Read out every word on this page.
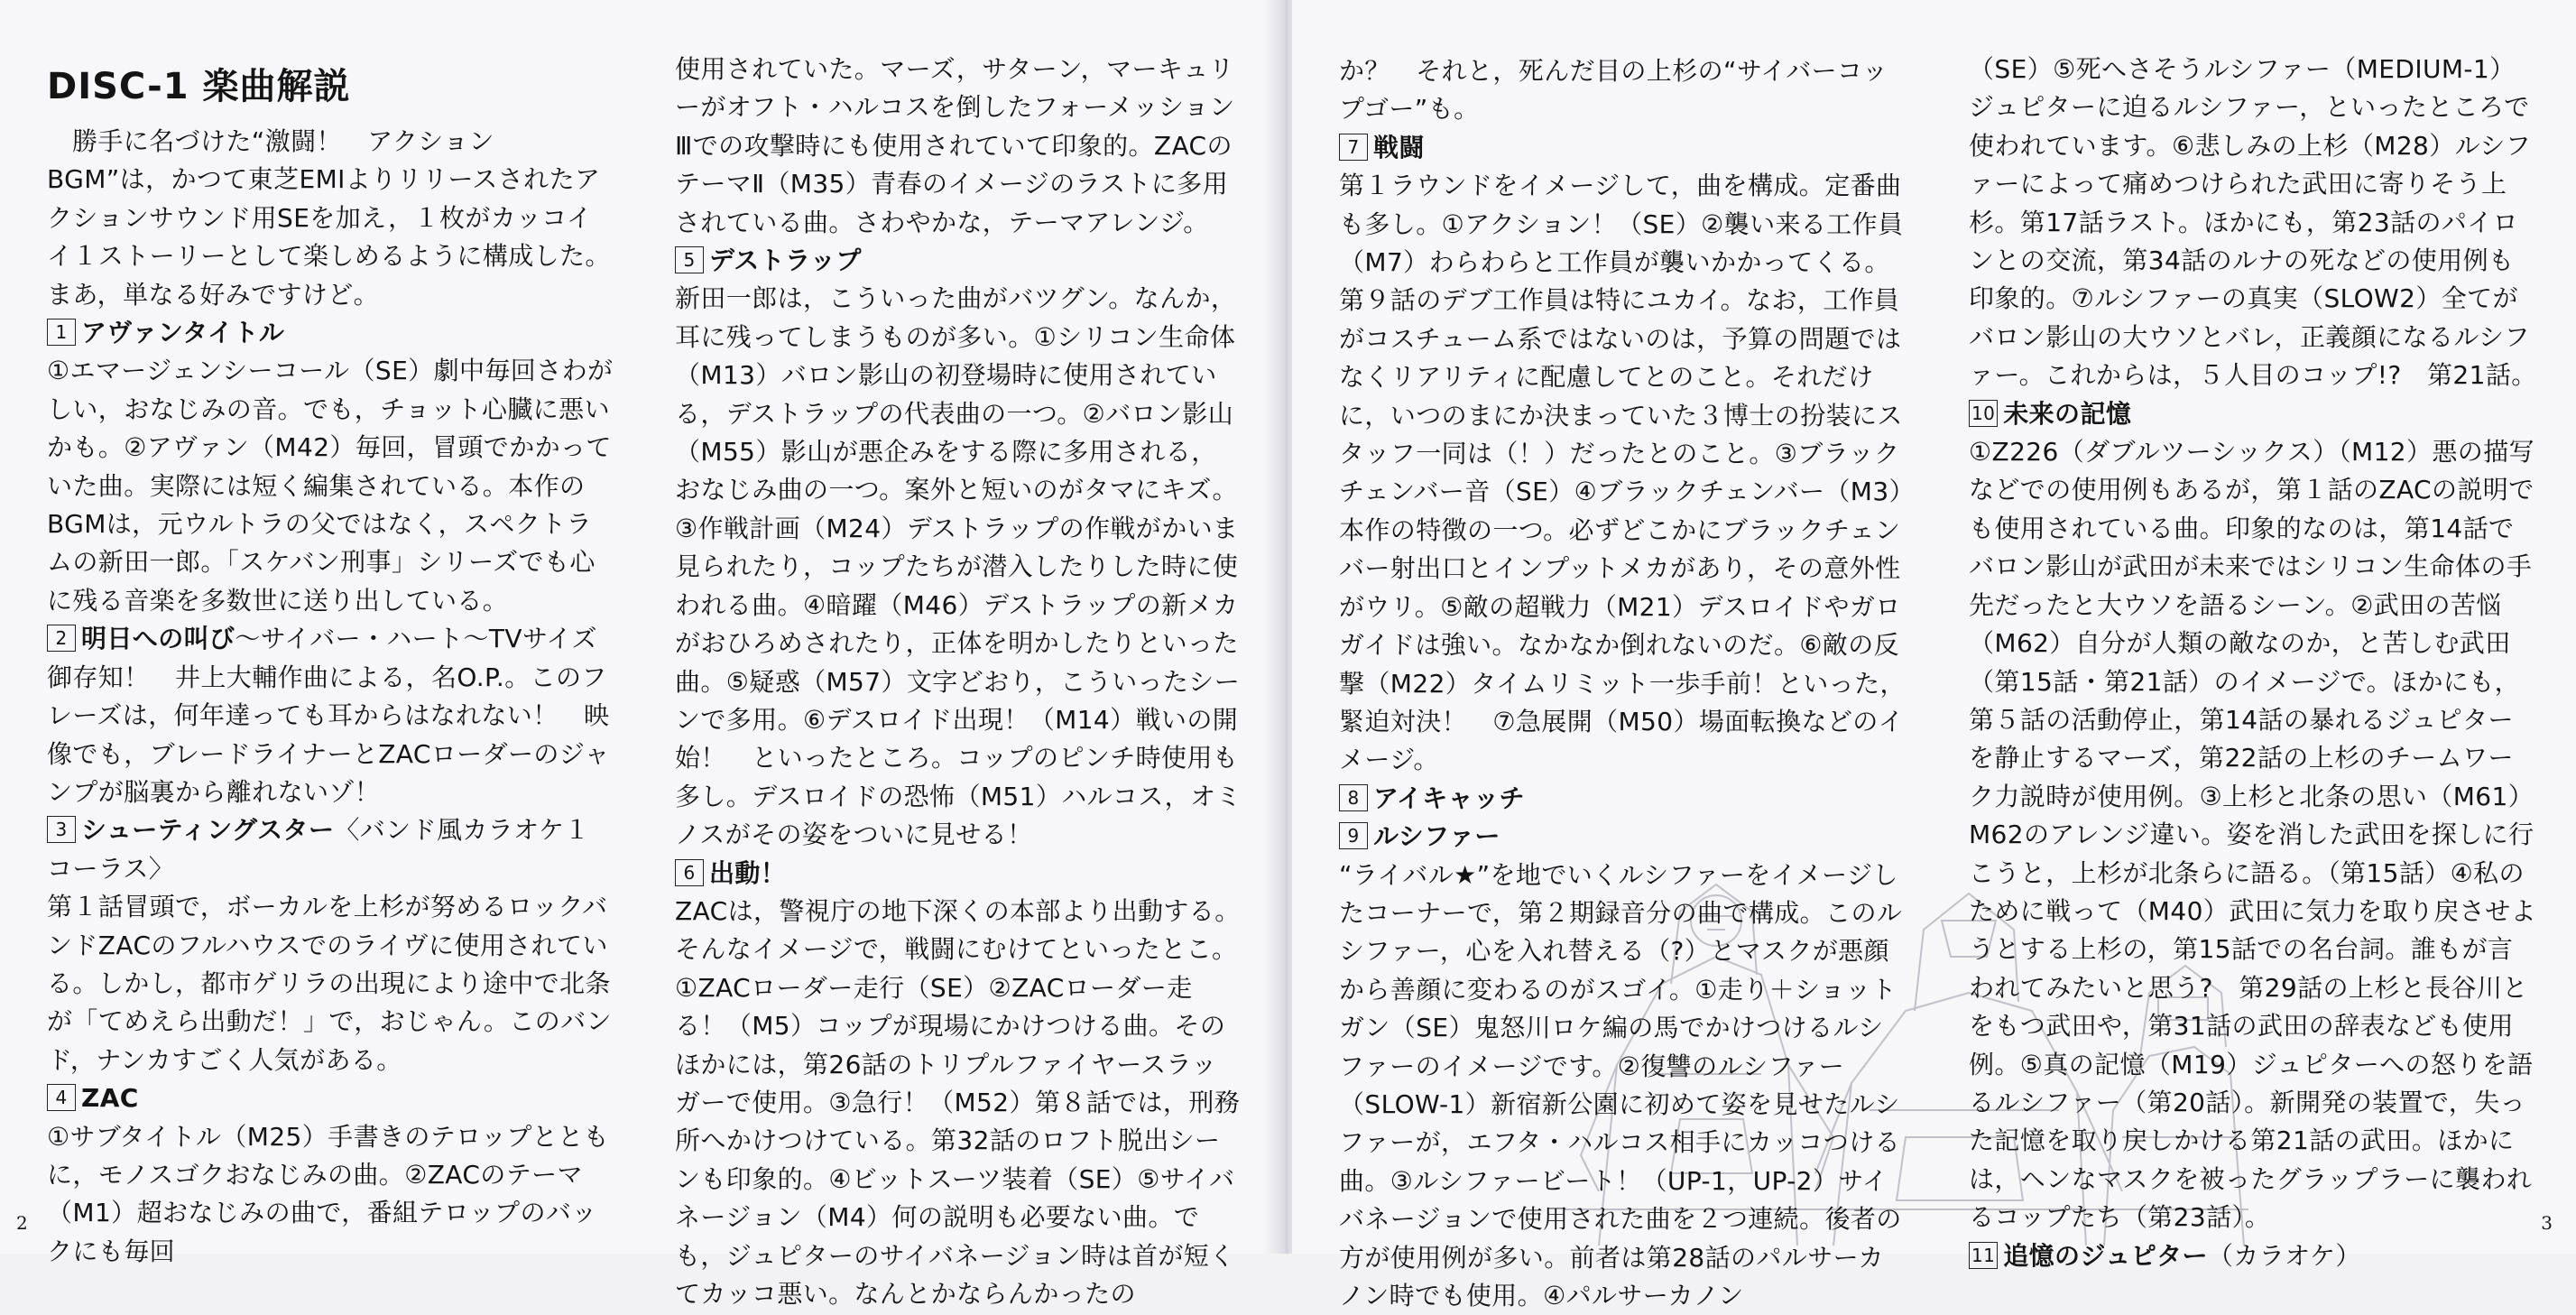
DISC-1 楽曲解説

勝手に名づけた“激闘！　アクションBGM”は，かつて東芝EMIよりリリースされたアクションサウンド用SEを加え，１枚がカッコイイ１ストーリーとして楽しめるように構成した。まあ，単なる好みですけど。

1 アヴァンタイトル

①エマージェンシーコール（SE）劇中毎回さわがしい，おなじみの音。でも，チョット心臓に悪いかも。②アヴァン（M42）毎回，冒頭でかかっていた曲。実際には短く編集されている。本作のBGMは，元ウルトラの父ではなく，スペクトラムの新田一郎。「スケバン刑事」シリーズでも心に残る音楽を多数世に送り出している。

2 明日への叫び〜サイバー・ハート〜TVサイズ

御存知！　井上大輔作曲による，名O.P.。このフレーズは，何年達っても耳からはなれない！　映像でも，ブレードライナーとZACローダーのジャンプが脳裏から離れないゾ！

3 シューティングスター〈バンド風カラオケ１コーラス〉

第１話冒頭で，ボーカルを上杉が努めるロックバンドZACのフルハウスでのライヴに使用されている。しかし，都市ゲリラの出現により途中で北条が「てめえら出動だ！」で，おじゃん。このバンド，ナンカすごく人気がある。

4 ZAC

①サブタイトル（M25）手書きのテロップとともに，モノスゴクおなじみの曲。②ZACのテーマ（M1）超おなじみの曲で，番組テロップのバックにも毎回

使用されていた。マーズ，サターン，マーキュリーがオフト・ハルコスを倒したフォーメッションⅢでの攻撃時にも使用されていて印象的。ZACのテーマⅡ（M35）青春のイメージのラストに多用されている曲。さわやかな，テーマアレンジ。

5 デストラップ

新田一郎は，こういった曲がバツグン。なんか，耳に残ってしまうものが多い。①シリコン生命体（M13）バロン影山の初登場時に使用されている，デストラップの代表曲の一つ。②バロン影山（M55）影山が悪企みをする際に多用される，おなじみ曲の一つ。案外と短いのがタマにキズ。③作戦計画（M24）デストラップの作戦がかいま見られたり，コップたちが潜入したりした時に使われる曲。④暗躍（M46）デストラップの新メカがおひろめされたり，正体を明かしたりといった曲。⑤疑惑（M57）文字どおり，こういったシーンで多用。⑥デスロイド出現！（M14）戦いの開始！　といったところ。コップのピンチ時使用も多し。デスロイドの恐怖（M51）ハルコス，オミノスがその姿をついに見せる！

6 出動！

ZACは，警視庁の地下深くの本部より出動する。そんなイメージで，戦闘にむけてといったとこ。①ZACローダー走行（SE）②ZACローダー走る！（M5）コップが現場にかけつける曲。そのほかには，第26話のトリプルファイヤースラッガーで使用。③急行！（M52）第８話では，刑務所へかけつけている。第32話のロフト脱出シーンも印象的。④ビットスーツ装着（SE）⑤サイバネージョン（M4）何の説明も必要ない曲。でも，ジュピターのサイバネージョン時は首が短くてカッコ悪い。なんとかならんかったの

2

か？　それと，死んだ目の上杉の“サイバーコップゴー”も。

7 戦闘

第１ラウンドをイメージして，曲を構成。定番曲も多し。①アクション！（SE）②襲い来る工作員（M7）わらわらと工作員が襲いかかってくる。第９話のデブ工作員は特にユカイ。なお，工作員がコスチューム系ではないのは，予算の問題ではなくリアリティに配慮してとのこと。それだけに，いつのまにか決まっていた３博士の扮装にスタッフ一同は（！）だったとのこと。③ブラックチェンバー音（SE）④ブラックチェンバー（M3）本作の特徴の一つ。必ずどこかにブラックチェンバー射出口とインプットメカがあり，その意外性がウリ。⑤敵の超戦力（M21）デスロイドやガロガイドは強い。なかなか倒れないのだ。⑥敵の反撃（M22）タイムリミット一歩手前！といった，緊迫対決！　⑦急展開（M50）場面転換などのイメージ。

8 アイキャッチ

9 ルシファー

“ライバル★”を地でいくルシファーをイメージしたコーナーで，第２期録音分の曲で構成。このルシファー，心を入れ替える（?）とマスクが悪顔から善顔に変わるのがスゴイ。①走り＋ショットガン（SE）鬼怒川ロケ編の馬でかけつけるルシファーのイメージです。②復讐のルシファー（SLOW-1）新宿新公園に初めて姿を見せたルシファーが，エフタ・ハルコス相手にカッコつける曲。③ルシファービート！（UP-1，UP-2）サイバネージョンで使用された曲を２つ連続。後者の方が使用例が多い。前者は第28話のパルサーカノン時でも使用。④パルサーカノン

（SE）⑤死へさそうルシファー（MEDIUM-1）ジュピターに迫るルシファー，といったところで使われています。⑥悲しみの上杉（M28）ルシファーによって痛めつけられた武田に寄りそう上杉。第17話ラスト。ほかにも，第23話のパイロンとの交流，第34話のルナの死などの使用例も印象的。⑦ルシファーの真実（SLOW2）全てがバロン影山の大ウソとバレ，正義顔になるルシファー。これからは，５人目のコップ!?　第21話。

10 未来の記憶

①Z226（ダブルツーシックス）（M12）悪の描写などでの使用例もあるが，第１話のZACの説明でも使用されている曲。印象的なのは，第14話でバロン影山が武田が未来ではシリコン生命体の手先だったと大ウソを語るシーン。②武田の苦悩（M62）自分が人類の敵なのか，と苦しむ武田（第15話・第21話）のイメージで。ほかにも，第５話の活動停止，第14話の暴れるジュピターを静止するマーズ，第22話の上杉のチームワーク力説時が使用例。③上杉と北条の思い（M61）M62のアレンジ違い。姿を消した武田を探しに行こうと，上杉が北条らに語る。（第15話）④私のために戦って（M40）武田に気力を取り戻させようとする上杉の，第15話での名台詞。誰もが言われてみたいと思う?　第29話の上杉と長谷川とをもつ武田や，第31話の武田の辞表なども使用例。⑤真の記憶（M19）ジュピターへの怒りを語るルシファー（第20話）。新開発の装置で，失った記憶を取り戻しかける第21話の武田。ほかには，ヘンなマスクを被ったグラップラーに襲われるコップたち（第23話）。

11 追憶のジュピター（カラオケ）

3
